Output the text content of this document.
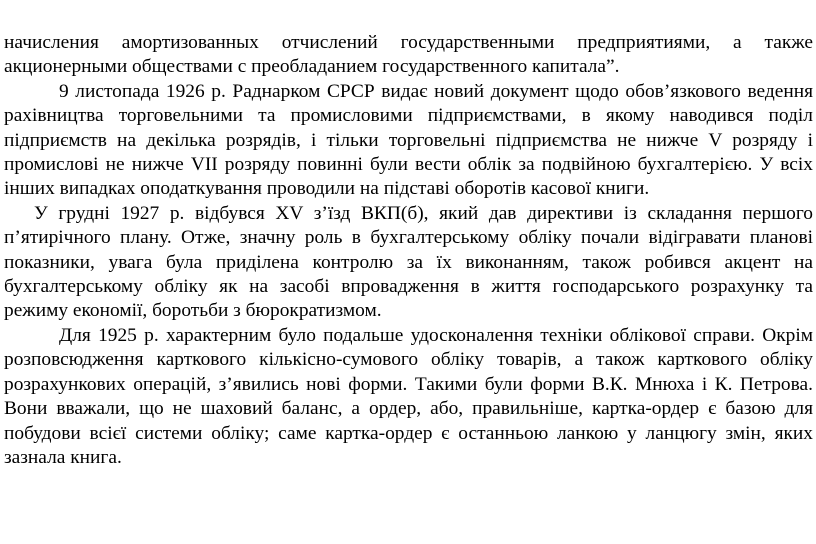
начисления амортизованных отчислений государственными предприятиями, а также акционерными обществами с преобладанием государственного капитала”.

9 листопада 1926 р. Раднарком СРСР видає новий документ щодо обов’язкового ведення рахівництва торговельними та промисловими підприємствами, в якому наводився поділ підприємств на декілька розрядів, і тільки торговельні підприємства не нижче V розряду і промислові не нижче VII розряду повинні були вести облік за подвійною бухгалтерією. У всіх інших випадках оподаткування проводили на підставі оборотів касової книги.

У грудні 1927 р. відбувся XV з’їзд ВКП(б), який дав директиви із складання першого п’ятирічного плану. Отже, значну роль в бухгалтерському обліку почали відігравати планові показники, увага була приділена контролю за їх виконанням, також робився акцент на бухгалтерському обліку як на засобі впровадження в життя господарського розрахунку та режиму економії, боротьби з бюрократизмом.

Для 1925 р. характерним було подальше удосконалення техніки облікової справи. Окрім розповсюдження карткового кількісно-сумового обліку товарів, а також карткового обліку розрахункових операцій, з’явились нові форми. Такими були форми В.К. Мнюха і К. Петрова. Вони вважали, що не шаховий баланс, а ордер, або, правильніше, картка-ордер є базою для побудови всієї системи обліку; саме картка-ордер є останньою ланкою у ланцюгу змін, яких зазнала книга.
